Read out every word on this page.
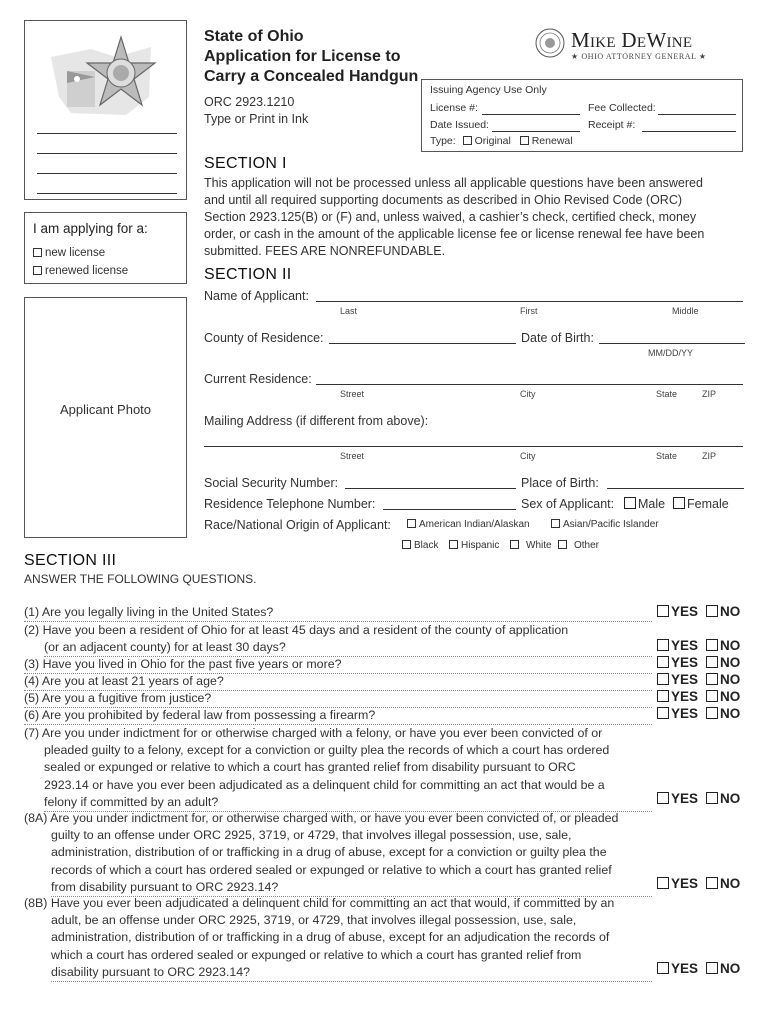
I am applying for a:
new license
renewed license
Applicant Photo
State of Ohio
Application for License to
Carry a Concealed Handgun
ORC 2923.1210
Type or Print in Ink
Mike DeWine
★ OHIO ATTORNEY GENERAL ★
Issuing Agency Use Only
License #:	Fee Collected:
Date Issued:	Receipt #:
Type: Original Renewal
SECTION I
This application will not be processed unless all applicable questions have been answered
and until all required supporting documents as described in Ohio Revised Code (ORC)
Section 2923.125(B) or (F) and, unless waived, a cashier’s check, certified check, money
order, or cash in the amount of the applicable license fee or license renewal fee have been
submitted. FEES ARE NONREFUNDABLE.
SECTION II
Name of Applicant:
Last	First	Middle
County of Residence:	Date of Birth:
MM/DD/YY
Current Residence:
Street	City	State	ZIP
Mailing Address (if different from above):
Street	City	State	ZIP
Social Security Number:	Place of Birth:
Residence Telephone Number:	Sex of Applicant:	Male	Female
Race/National Origin of Applicant:	American Indian/Alaskan	Asian/Pacific Islander
Black	Hispanic	White	Other
SECTION III
ANSWER THE FOLLOWING QUESTIONS.
(1) Are you legally living in the United States?	YES NO
(2) Have you been a resident of Ohio for at least 45 days and a resident of the county of application
(or an adjacent county) for at least 30 days?	YES NO
(3) Have you lived in Ohio for the past five years or more?	YES NO
(4) Are you at least 21 years of age?	YES NO
(5) Are you a fugitive from justice?	YES NO
(6) Are you prohibited by federal law from possessing a firearm?	YES NO
(7) Are you under indictment for or otherwise charged with a felony, or have you ever been convicted of or
pleaded guilty to a felony, except for a conviction or guilty plea the records of which a court has ordered
sealed or expunged or relative to which a court has granted relief from disability pursuant to ORC
2923.14 or have you ever been adjudicated as a delinquent child for committing an act that would be a
felony if committed by an adult?	YES NO
(8A) Are you under indictment for, or otherwise charged with, or have you ever been convicted of, or pleaded
guilty to an offense under ORC 2925, 3719, or 4729, that involves illegal possession, use, sale,
administration, distribution of or trafficking in a drug of abuse, except for a conviction or guilty plea the
records of which a court has ordered sealed or expunged or relative to which a court has granted relief
from disability pursuant to ORC 2923.14?	YES NO
(8B) Have you ever been adjudicated a delinquent child for committing an act that would, if committed by an
adult, be an offense under ORC 2925, 3719, or 4729, that involves illegal possession, use, sale,
administration, distribution of or trafficking in a drug of abuse, except for an adjudication the records of
which a court has ordered sealed or expunged or relative to which a court has granted relief from
disability pursuant to ORC 2923.14?	YES NO
